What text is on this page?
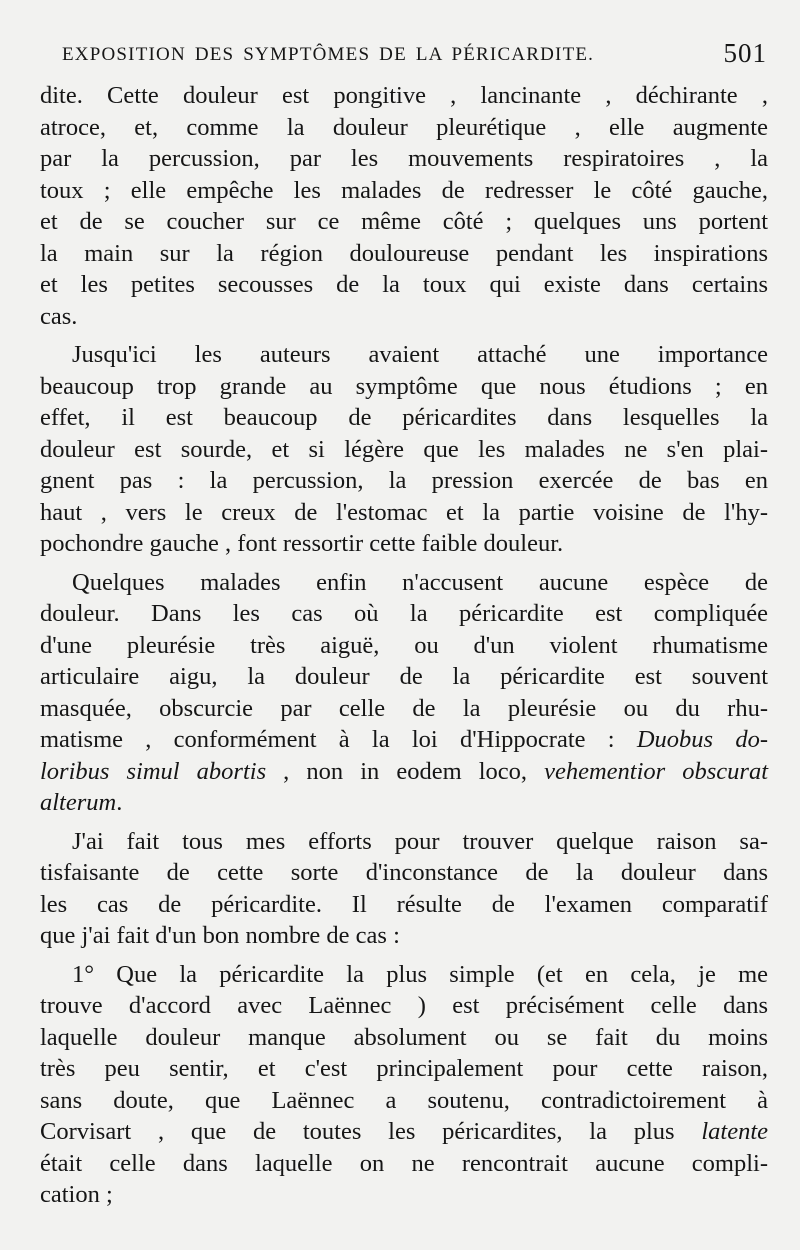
EXPOSITION DES SYMPTÔMES DE LA PÉRICARDITE.	501

dite. Cette douleur est pongitive , lancinante , déchirante ,
atroce, et, comme la douleur pleurétique , elle augmente
par la percussion, par les mouvements respiratoires , la
toux ; elle empêche les malades de redresser le côté gauche,
et de se coucher sur ce même côté ; quelques uns portent
la main sur la région douloureuse pendant les inspirations
et les petites secousses de la toux qui existe dans certains
cas.

Jusqu'ici les auteurs avaient attaché une importance
beaucoup trop grande au symptôme que nous étudions ; en
effet, il est beaucoup de péricardites dans lesquelles la
douleur est sourde, et si légère que les malades ne s'en plai-
gnent pas : la percussion, la pression exercée de bas en
haut , vers le creux de l'estomac et la partie voisine de l'hy-
pochondre gauche , font ressortir cette faible douleur.

Quelques malades enfin n'accusent aucune espèce de
douleur. Dans les cas où la péricardite est compliquée
d'une pleurésie très aiguë, ou d'un violent rhumatisme
articulaire aigu, la douleur de la péricardite est souvent
masquée, obscurcie par celle de la pleurésie ou du rhu-
matisme , conformément à la loi d'Hippocrate : Duobus do-
loribus simul abortis , non in eodem loco, vehementior obscurat
alterum.

J'ai fait tous mes efforts pour trouver quelque raison sa-
tisfaisante de cette sorte d'inconstance de la douleur dans
les cas de péricardite. Il résulte de l'examen comparatif
que j'ai fait d'un bon nombre de cas :

1° Que la péricardite la plus simple (et en cela, je me
trouve d'accord avec Laënnec ) est précisément celle dans
laquelle douleur manque absolument ou se fait du moins
très peu sentir, et c'est principalement pour cette raison,
sans doute, que Laënnec a soutenu, contradictoirement à
Corvisart , que de toutes les péricardites, la plus latente
était celle dans laquelle on ne rencontrait aucune compli-
cation ;
